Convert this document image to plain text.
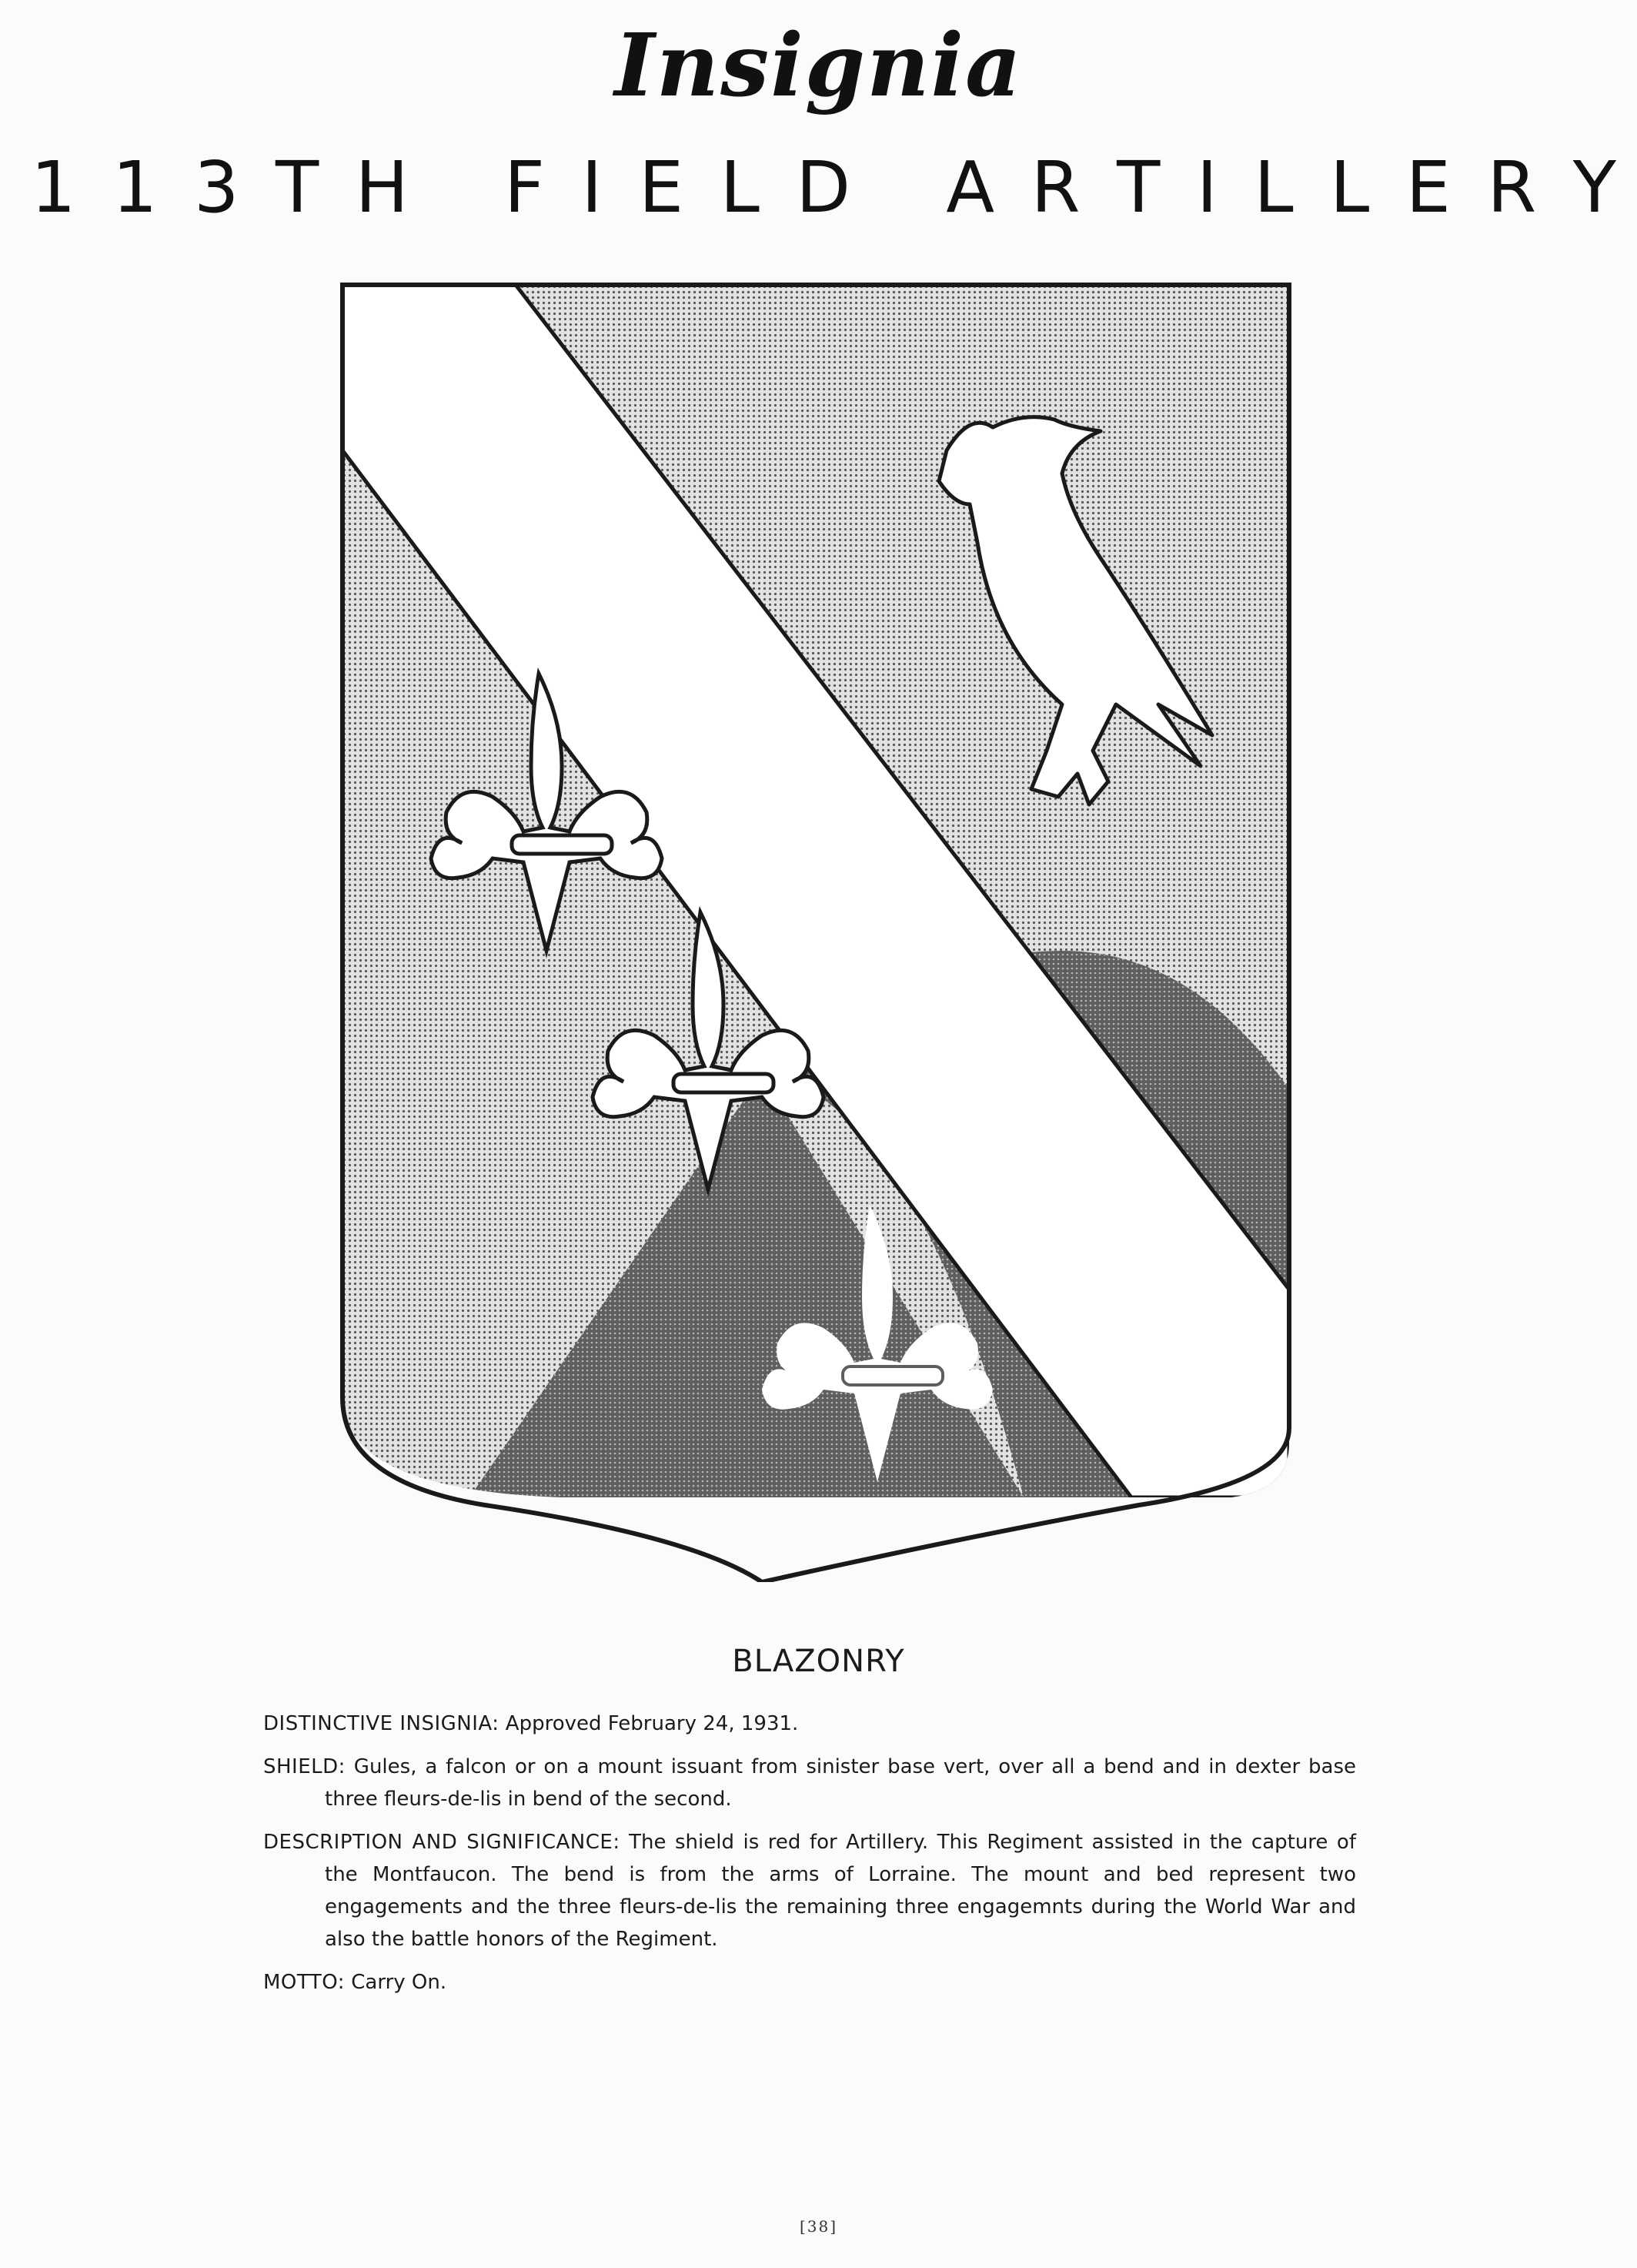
Insignia
1 1 3 T H
F I E L D
A R T I L L E R Y
BLAZONRY
DISTINCTIVE INSIGNIA: Approved February 24, 1931.
SHIELD: Gules, a falcon or on a mount issuant from sinister base vert, over all a bend and in dexter base three fleurs-de-lis in bend of the second.
DESCRIPTION AND SIGNIFICANCE: The shield is red for Artillery. This Regiment assisted in the capture of the Montfaucon. The bend is from the arms of Lorraine. The mount and bed represent two engagements and the three fleurs-de-lis the remaining three engagemnts during the World War and also the battle honors of the Regiment.
MOTTO: Carry On.
[38]
